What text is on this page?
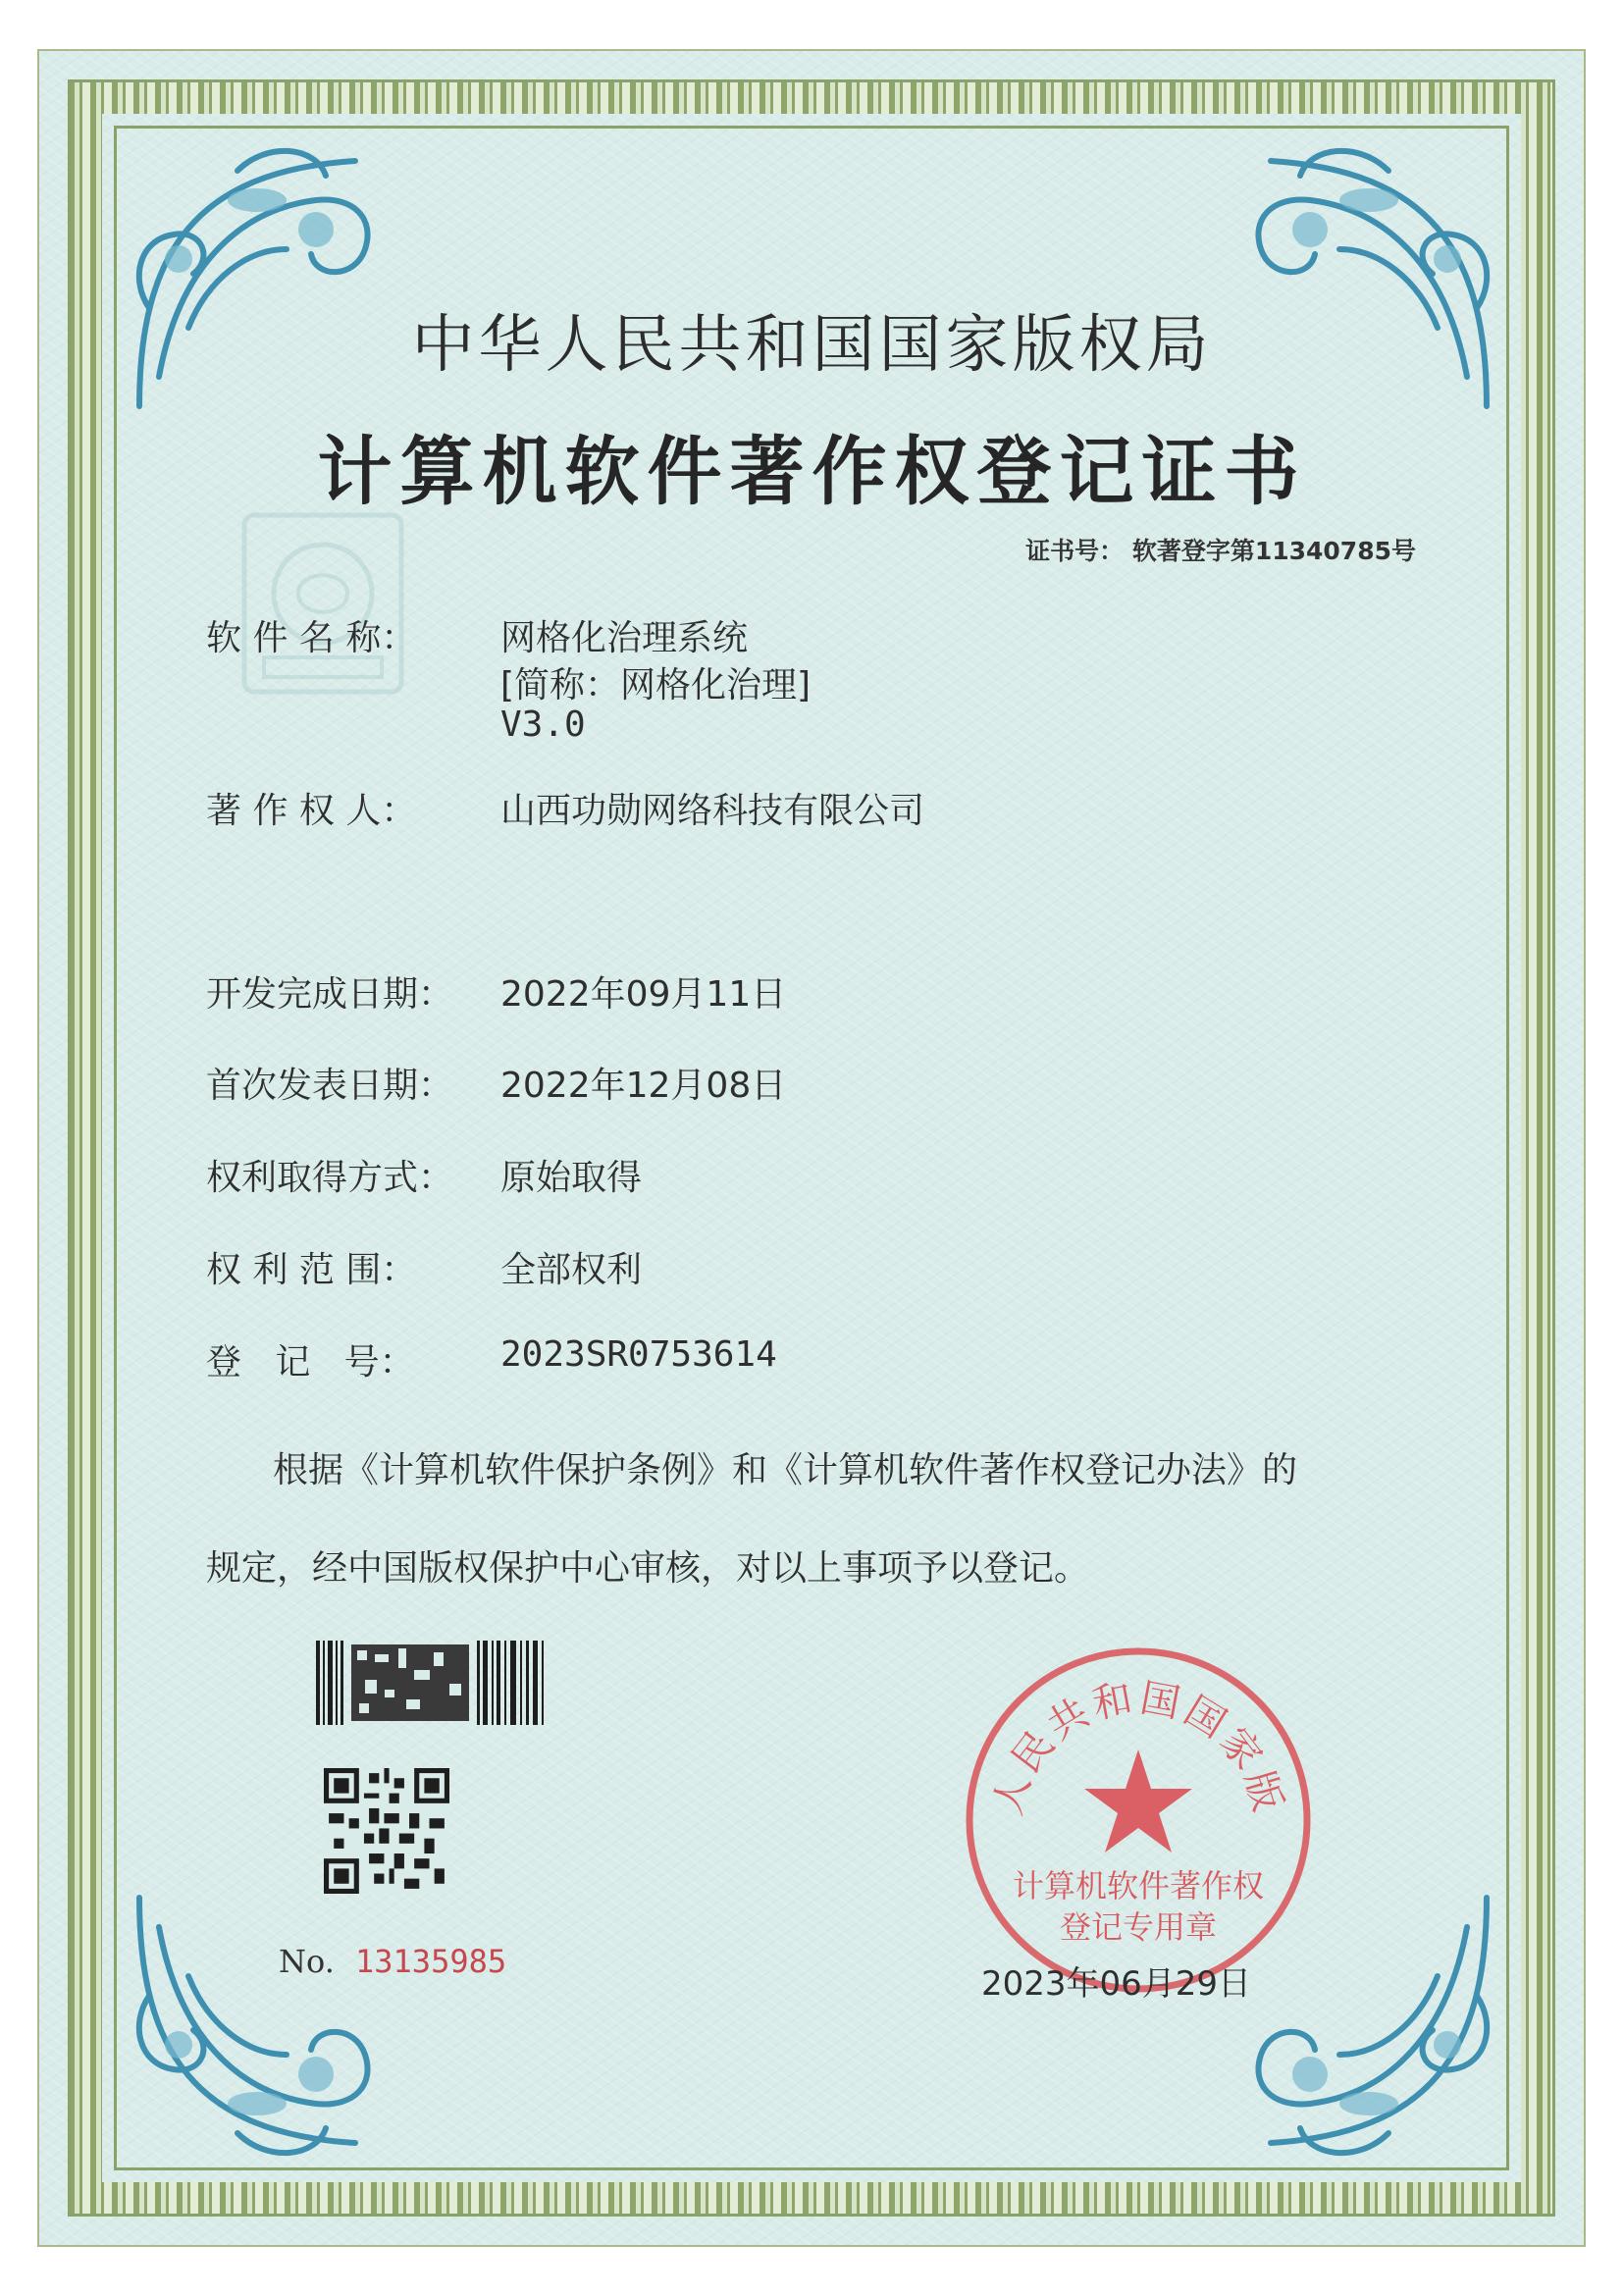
中华人民共和国国家版权局
计算机软件著作权登记证书
证书号： 软著登字第11340785号
软 件 名 称：	网格化治理系统
[简称：网格化治理]
V3.0
著 作 权 人：	山西功勋网络科技有限公司
开发完成日期：	2022年09月11日
首次发表日期：	2022年12月08日
权利取得方式：	原始取得
权 利 范 围：	全部权利
登   记   号：	2023SR0753614
根据《计算机软件保护条例》和《计算机软件著作权登记办法》的
规定，经中国版权保护中心审核，对以上事项予以登记。
No. 13135985
人民共和国国家版
计算机软件著作权
登记专用章
2023年06月29日
